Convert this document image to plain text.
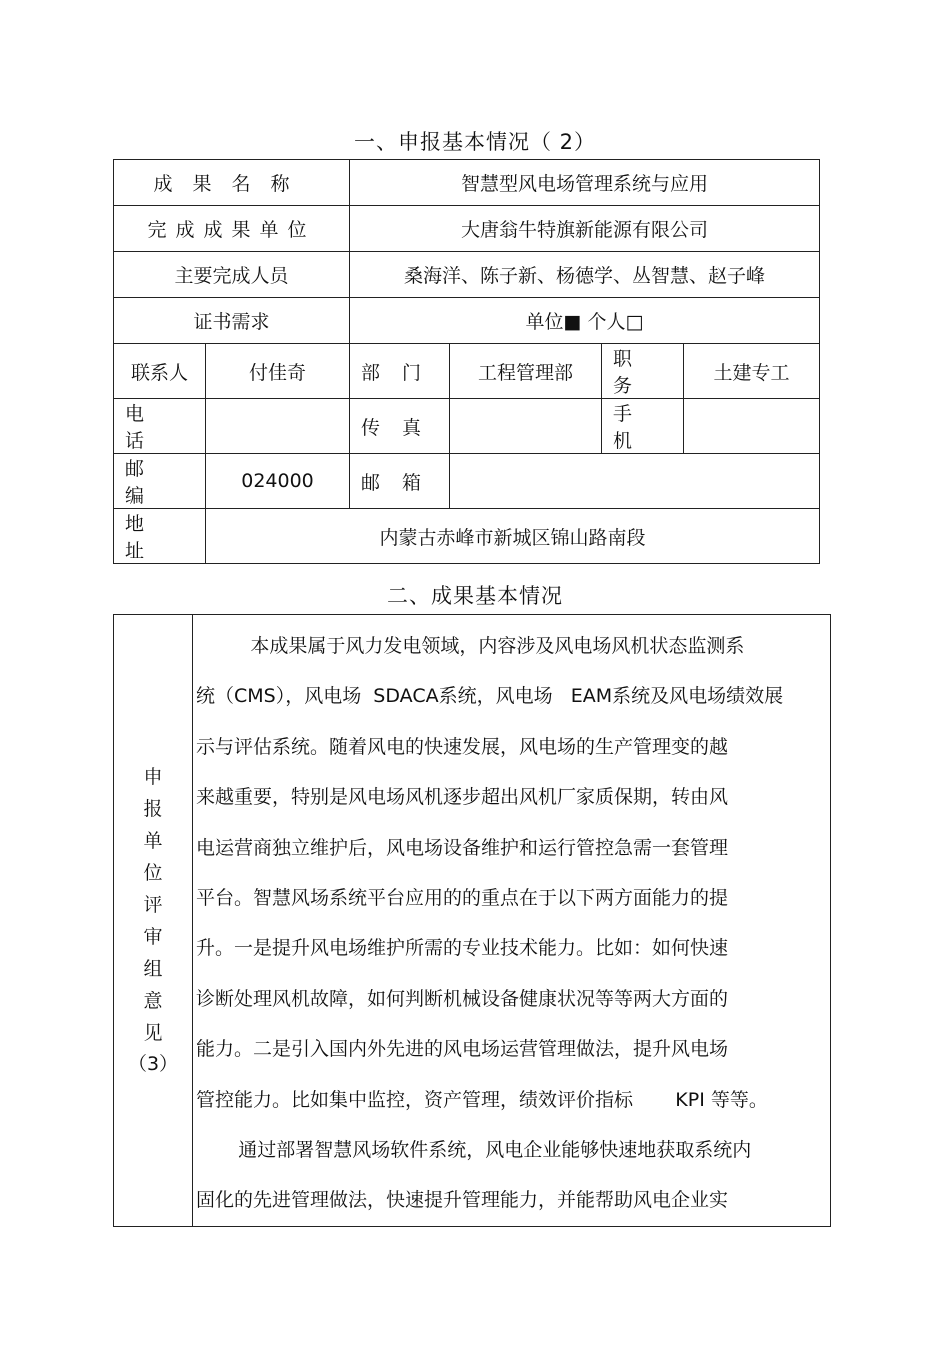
一、申报基本情况（ 2）
成果名称		智慧型风电场管理系统与应用			
完成成果单位		大唐翁牛特旗新能源有限公司			
主要完成人员		桑海洋、陈子新、杨德学、丛智慧、赵子峰			
证书需求		单位■ 个人□			
联系人	付佳奇	部门	工程管理部	职务	土建专工
电话		传真		手机	
邮编	024000	邮箱			
地址	内蒙古赤峰市新城区锦山路南段				
二、成果基本情况
申报单位评审组意见
（3）

本成果属于风力发电领域，内容涉及风电场风机状态监测系
统（CMS），风电场  SDACA系统，风电场   EAM系统及风电场绩效展
示与评估系统。随着风电的快速发展，风电场的生产管理变的越
来越重要，特别是风电场风机逐步超出风机厂家质保期，转由风
电运营商独立维护后，风电场设备维护和运行管控急需一套管理
平台。智慧风场系统平台应用的的重点在于以下两方面能力的提
升。一是提升风电场维护所需的专业技术能力。比如：如何快速
诊断处理风机故障，如何判断机械设备健康状况等等两大方面的
能力。二是引入国内外先进的风电场运营管理做法，提升风电场
管控能力。比如集中监控，资产管理，绩效评价指标       KPI 等等。
通过部署智慧风场软件系统，风电企业能够快速地获取系统内
固化的先进管理做法，快速提升管理能力，并能帮助风电企业实
